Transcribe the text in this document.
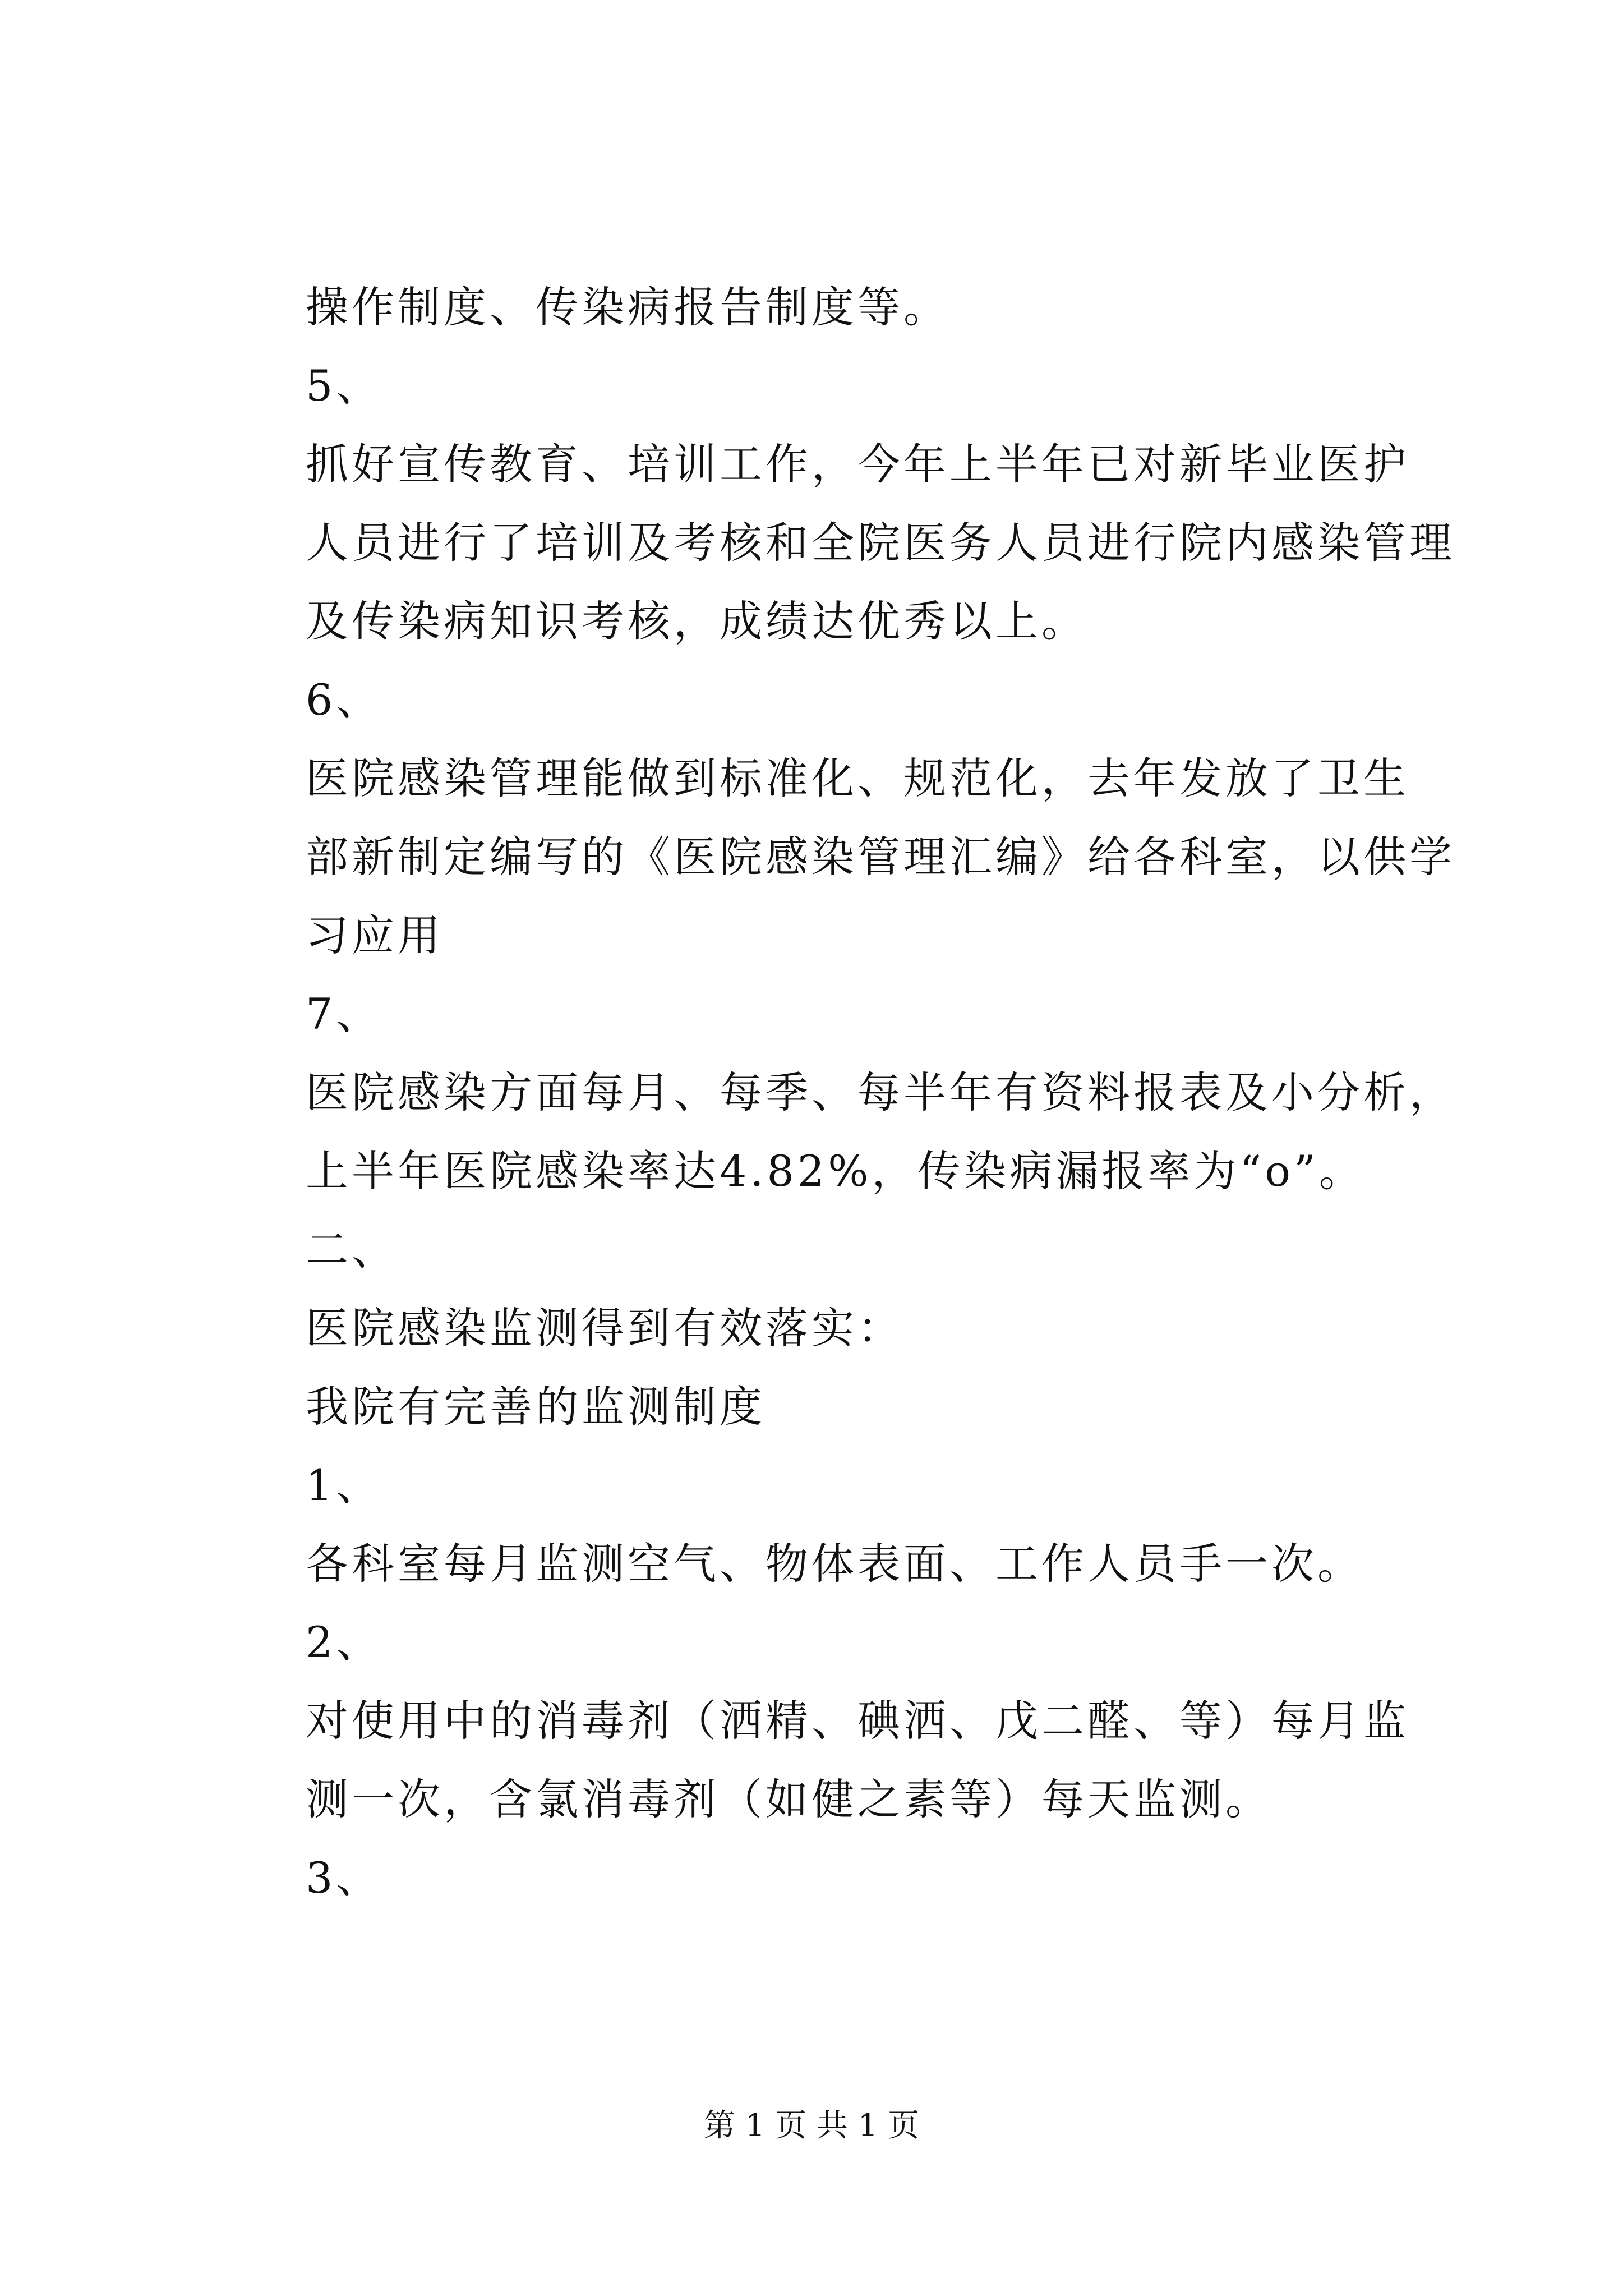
操作制度、传染病报告制度等。
5、
抓好宣传教育、培训工作，今年上半年已对新毕业医护
人员进行了培训及考核和全院医务人员进行院内感染管理
及传染病知识考核，成绩达优秀以上。
6、
医院感染管理能做到标准化、规范化，去年发放了卫生
部新制定编写的《医院感染管理汇编》给各科室，以供学
习应用
7、
医院感染方面每月、每季、每半年有资料报表及小分析，
上半年医院感染率达4.82%，传染病漏报率为“o”。
二、
医院感染监测得到有效落实：
我院有完善的监测制度
1、
各科室每月监测空气、物体表面、工作人员手一次。
2、
对使用中的消毒剂（洒精、碘洒、戊二醛、等）每月监
测一次，含氯消毒剂（如健之素等）每天监测。
3、
第 1 页 共 1 页
